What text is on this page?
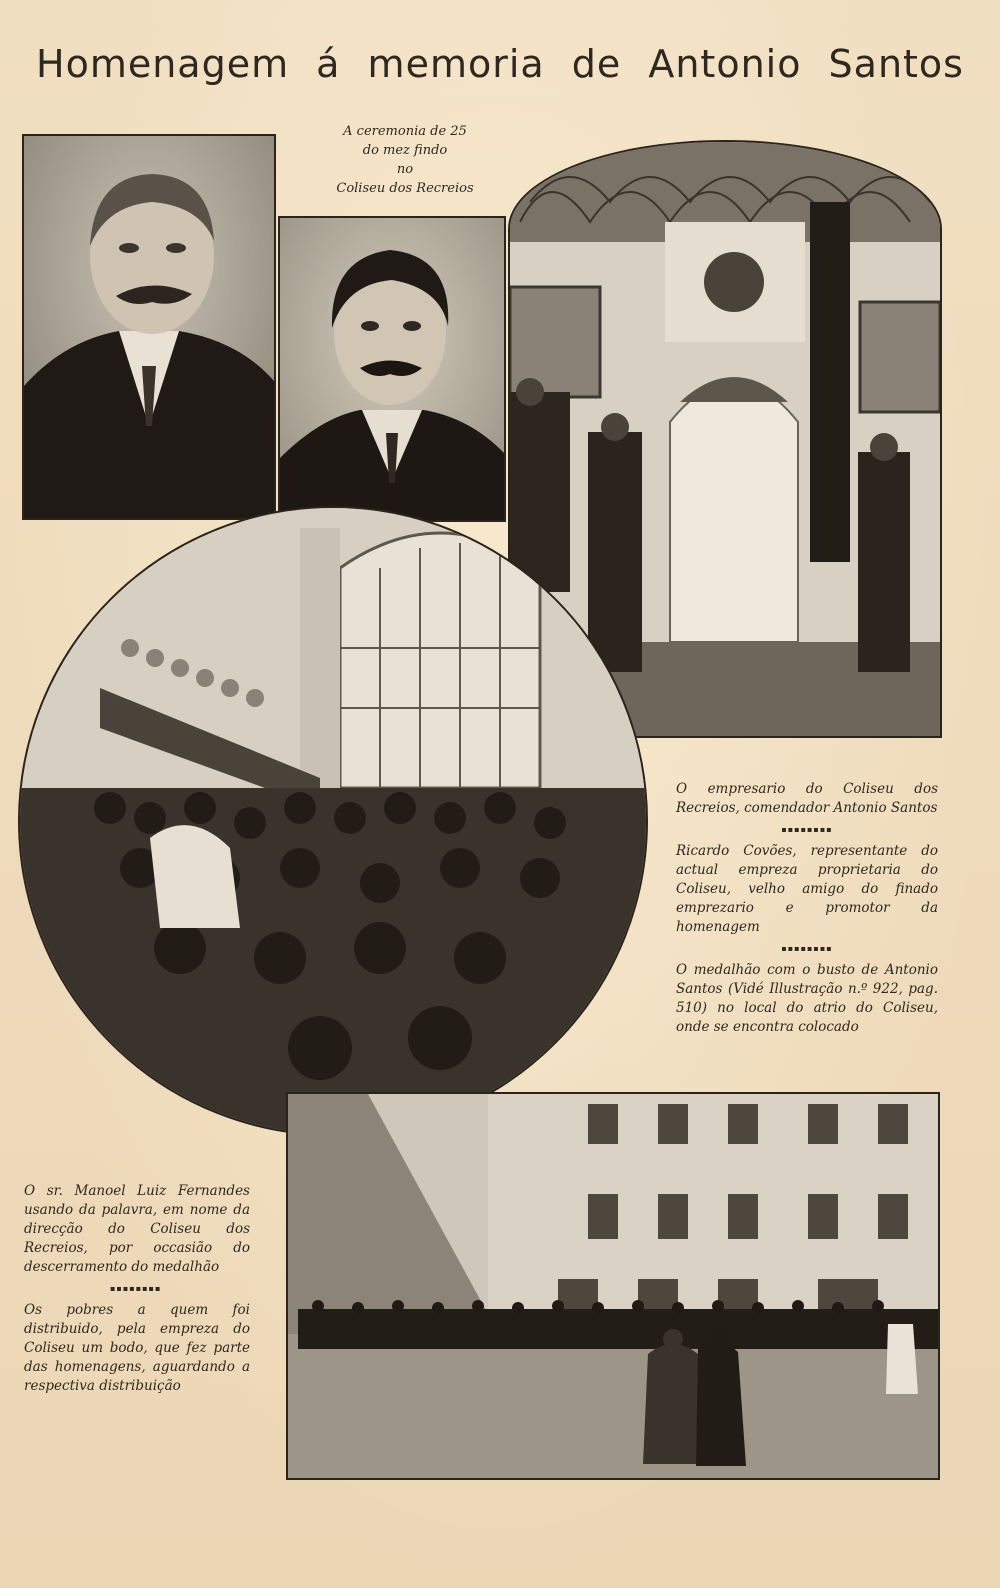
Homenagem á memoria de Antonio Santos
A ceremonia de 25
do mez findo
no
Coliseu dos Recreios

O empresario do Coliseu dos Recreios, comendador Antonio Santos

▪▪▪▪▪▪▪▪

Ricardo Covões, representante do actual empreza proprietaria do Coliseu, velho amigo do finado emprezario e promotor da homenagem

▪▪▪▪▪▪▪▪

O medalhão com o busto de Antonio Santos (Vidé Illustração n.º 922, pag. 510) no local do atrio do Coliseu, onde se encontra colocado

O sr. Manoel Luiz Fernandes usando da palavra, em nome da direcção do Coliseu dos Recreios, por occasião do descerramento do medalhão

▪▪▪▪▪▪▪▪

Os pobres a quem foi distribuido, pela empreza do Coliseu um bodo, que fez parte das homenagens, aguardando a respectiva distribuição
